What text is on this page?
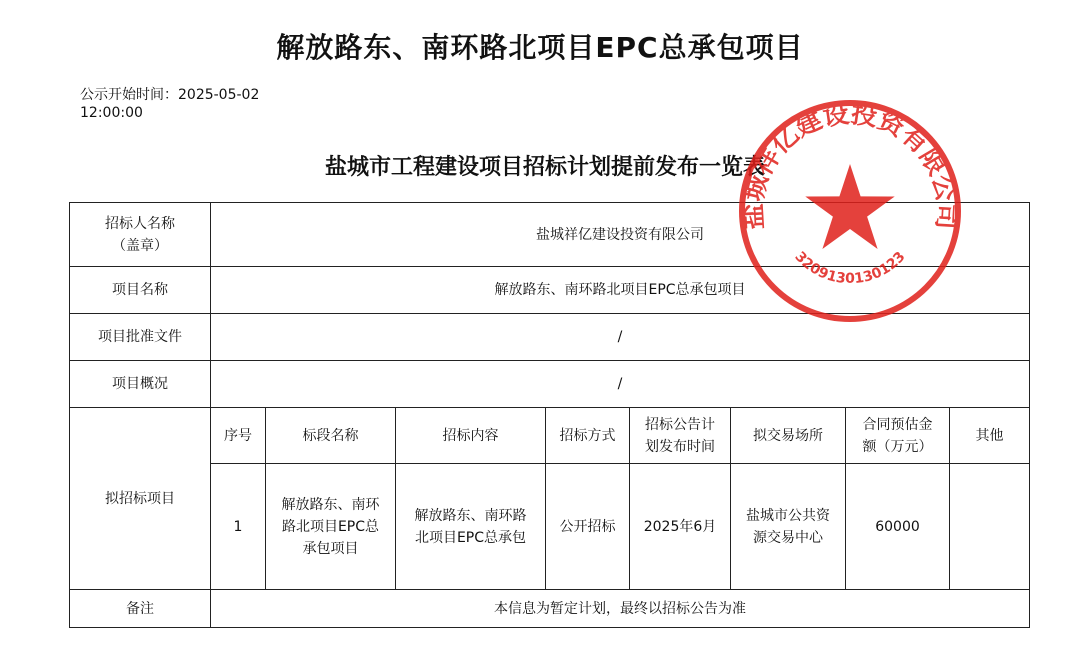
解放路东、南环路北项目EPC总承包项目
公示开始时间：2025-05-02
12:00:00
盐城市工程建设项目招标计划提前发布一览表
招标人名称
（盖章）	盐城祥亿建设投资有限公司							
项目名称	解放路东、南环路北项目EPC总承包项目							
项目批准文件	/							
项目概况	/							
拟招标项目	序号	标段名称	招标内容	招标方式	招标公告计
划发布时间	拟交易场所	合同预估金
额（万元）	其他
	1	解放路东、南环
路北项目EPC总
承包项目	解放路东、南环路
北项目EPC总承包	公开招标	2025年6月	盐城市公共资
源交易中心	60000	
备注	本信息为暂定计划，最终以招标公告为准							
盐城祥亿建设投资有限公司
3209130130123
